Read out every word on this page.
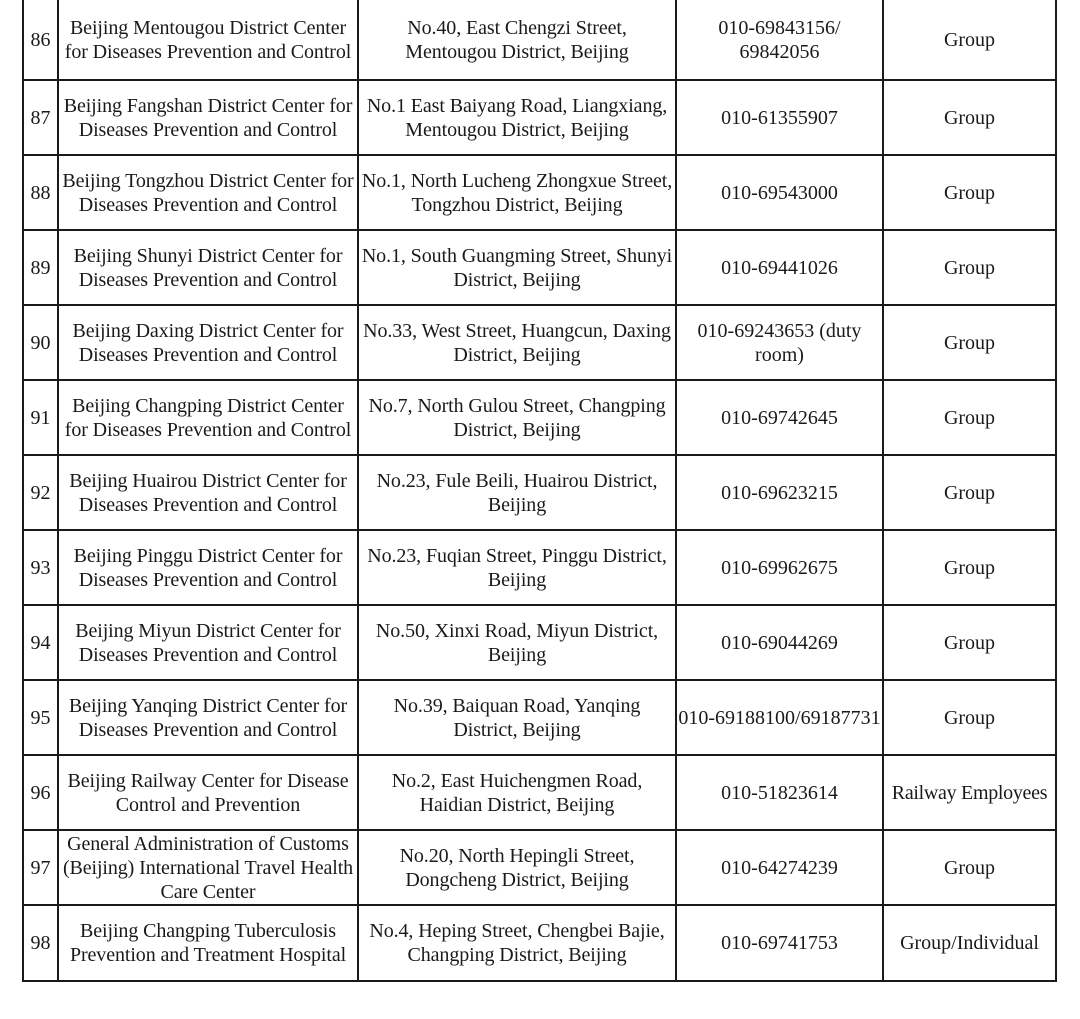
86	Beijing Mentougou District Center for Diseases Prevention and Control	No.40, East Chengzi Street, Mentougou District, Beijing	010-69843156/ 69842056	Group
87	Beijing Fangshan District Center for Diseases Prevention and Control	No.1 East Baiyang Road, Liangxiang, Mentougou District, Beijing	010-61355907	Group
88	Beijing Tongzhou District Center for Diseases Prevention and Control	No.1, North Lucheng Zhongxue Street, Tongzhou District, Beijing	010-69543000	Group
89	Beijing Shunyi District Center for Diseases Prevention and Control	No.1, South Guangming Street, Shunyi District, Beijing	010-69441026	Group
90	Beijing Daxing District Center for Diseases Prevention and Control	No.33, West Street, Huangcun, Daxing District, Beijing	010-69243653 (duty room)	Group
91	Beijing Changping District Center for Diseases Prevention and Control	No.7, North Gulou Street, Changping District, Beijing	010-69742645	Group
92	Beijing Huairou District Center for Diseases Prevention and Control	No.23, Fule Beili, Huairou District, Beijing	010-69623215	Group
93	Beijing Pinggu District Center for Diseases Prevention and Control	No.23, Fuqian Street, Pinggu District, Beijing	010-69962675	Group
94	Beijing Miyun District Center for Diseases Prevention and Control	No.50, Xinxi Road, Miyun District, Beijing	010-69044269	Group
95	Beijing Yanqing District Center for Diseases Prevention and Control	No.39, Baiquan Road, Yanqing District, Beijing	010-69188100/69187731	Group
96	Beijing Railway Center for Disease Control and Prevention	No.2, East Huichengmen Road, Haidian District, Beijing	010-51823614	Railway Employees
97	General Administration of Customs (Beijing) International Travel Health Care Center	No.20, North Hepingli Street, Dongcheng District, Beijing	010-64274239	Group
98	Beijing Changping Tuberculosis Prevention and Treatment Hospital	No.4, Heping Street, Chengbei Bajie, Changping District, Beijing	010-69741753	Group/Individual
